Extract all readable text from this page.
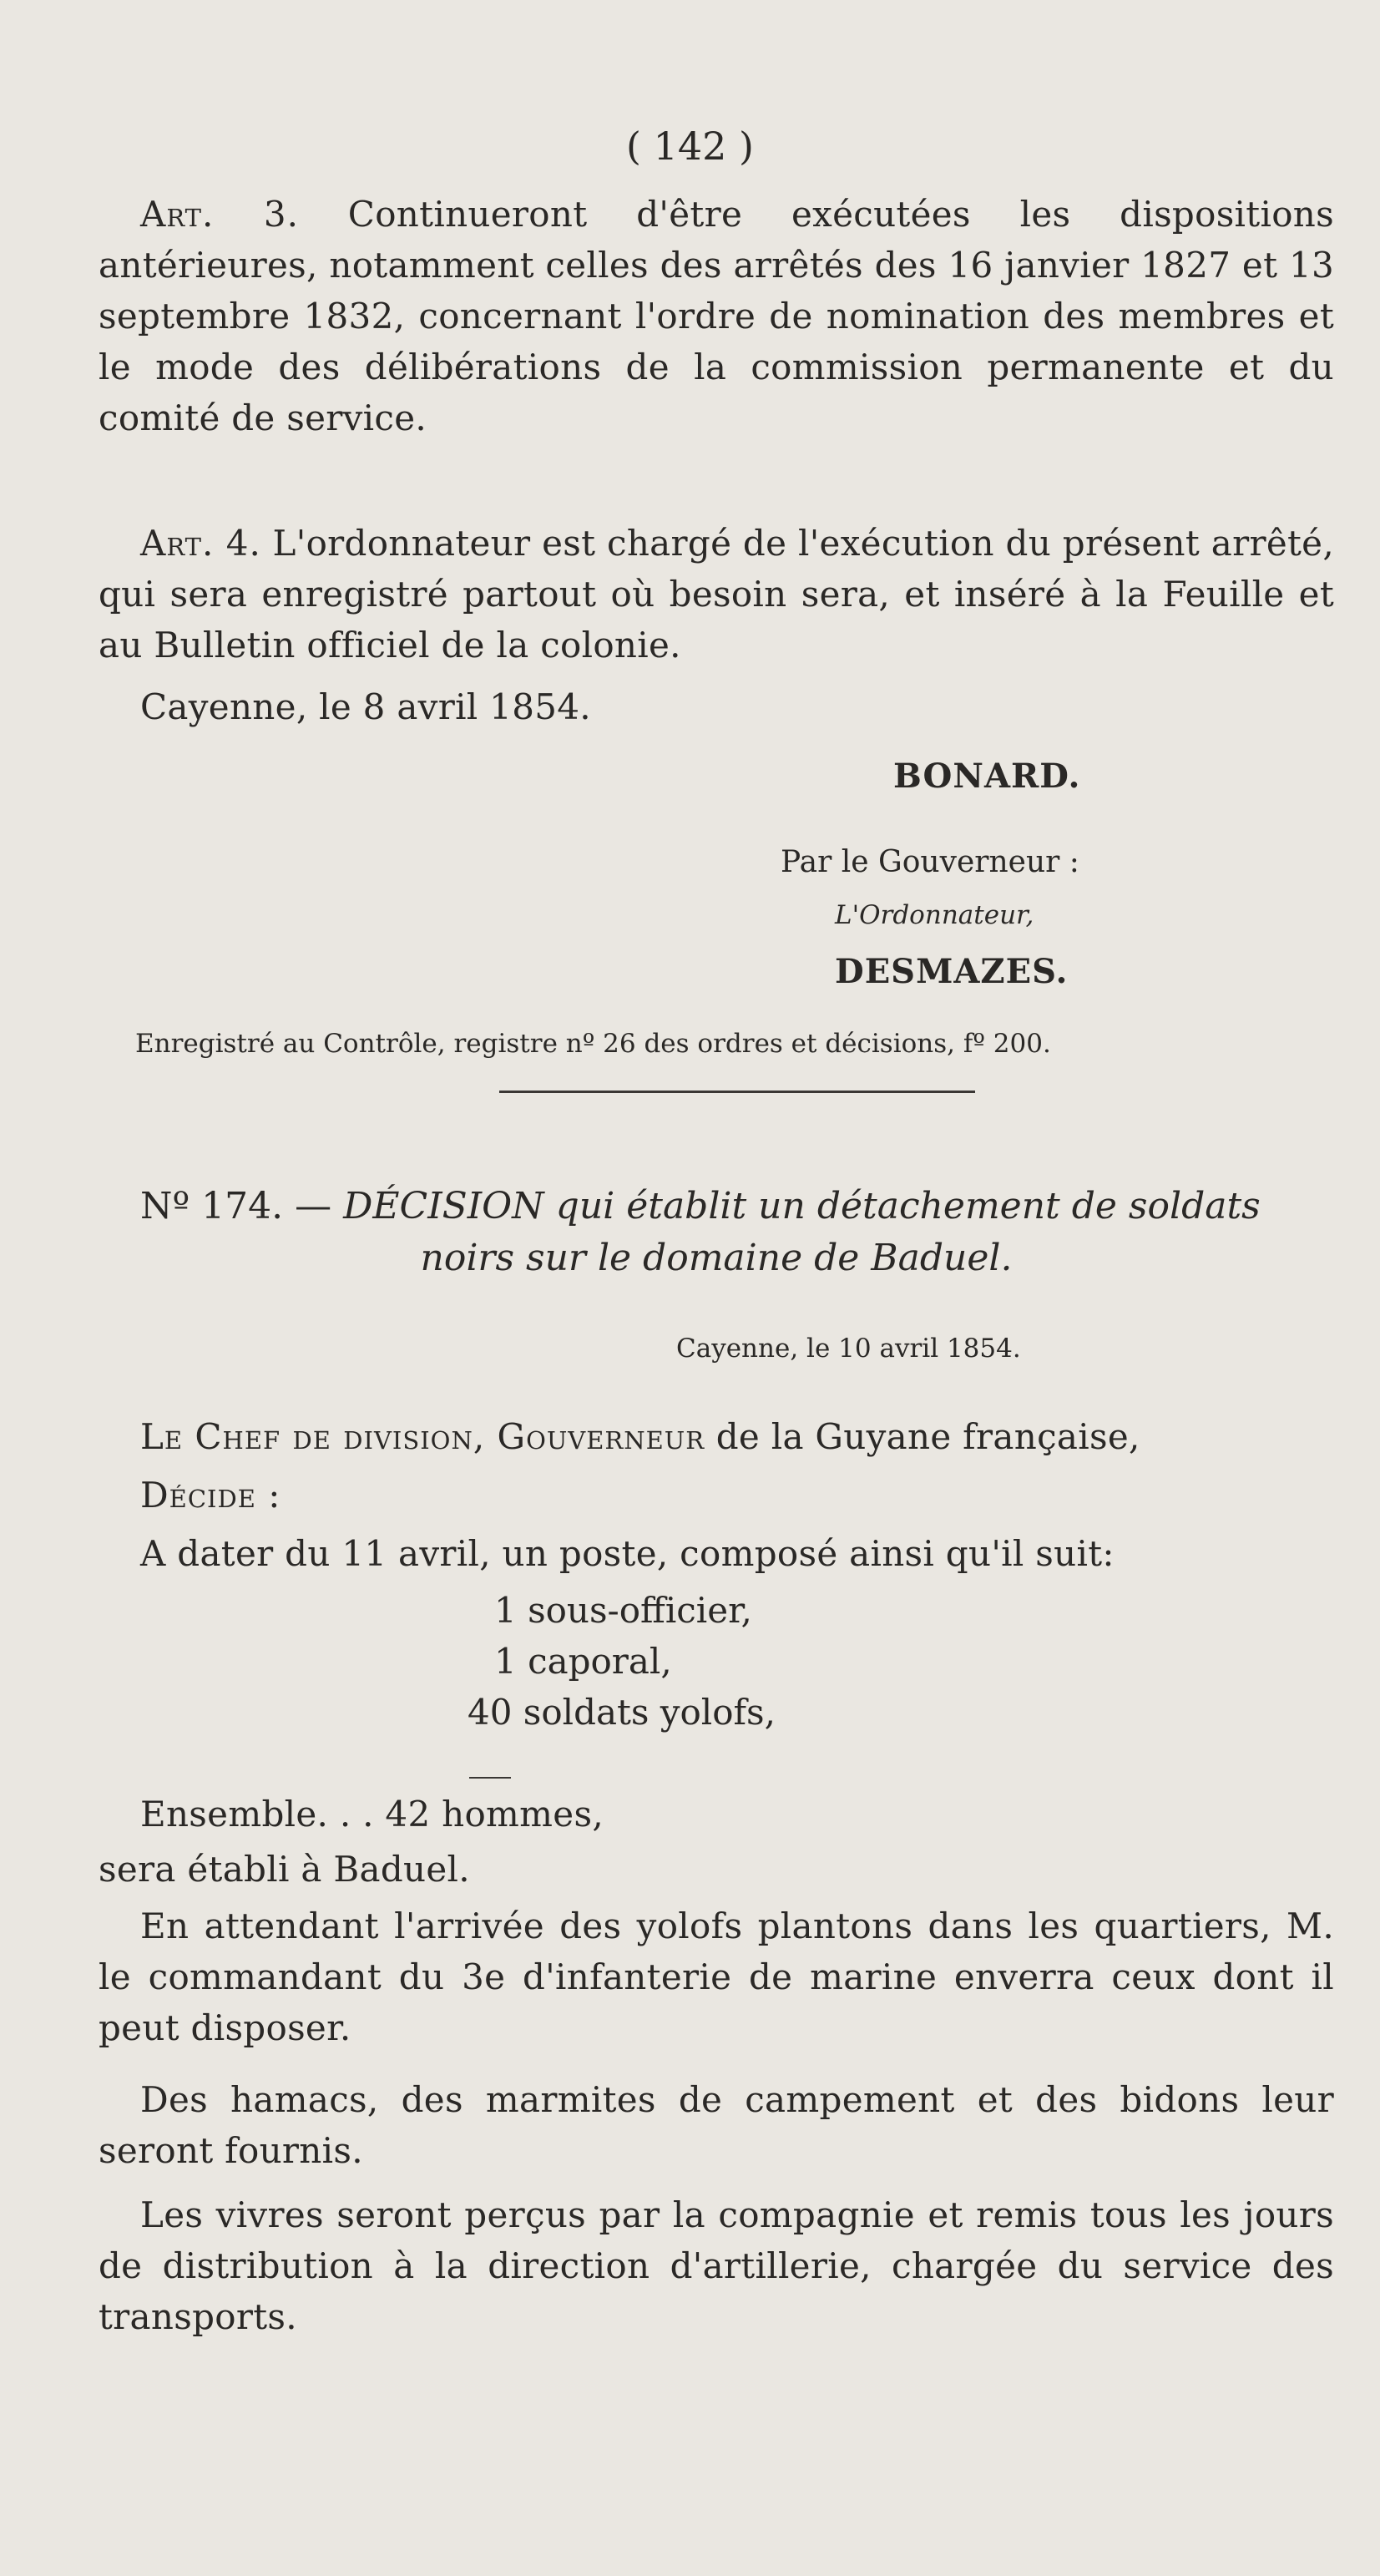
( 142 )

Art. 3. Continueront d'être exécutées les dispositions antérieures, notamment celles des arrêtés des 16 janvier 1827 et 13 septembre 1832, concernant l'ordre de nomination des membres et le mode des délibérations de la commission permanente et du comité de service.

Art. 4. L'ordonnateur est chargé de l'exécution du présent arrêté, qui sera enregistré partout où besoin sera, et inséré à la Feuille et au Bulletin officiel de la colonie.

Cayenne, le 8 avril 1854.

BONARD.
Par le Gouverneur :
L'Ordonnateur,
DESMAZES.
Enregistré au Contrôle, registre nº 26 des ordres et décisions, fº 200.
Nº 174. — DÉCISION qui établit un détachement de soldats
noirs sur le domaine de Baduel.
Cayenne, le 10 avril 1854.

Le Chef de division, Gouverneur de la Guyane française,

Décide :

A dater du 11 avril, un poste, composé ainsi qu'il suit:

1 sous-officier,
1 caporal,
40 soldats yolofs,

Ensemble. . . 42 hommes,

sera établi à Baduel.

En attendant l'arrivée des yolofs plantons dans les quartiers, M. le commandant du 3e d'infanterie de marine enverra ceux dont il peut disposer.

Des hamacs, des marmites de campement et des bidons leur seront fournis.

Les vivres seront perçus par la compagnie et remis tous les jours de distribution à la direction d'artillerie, chargée du service des transports.
